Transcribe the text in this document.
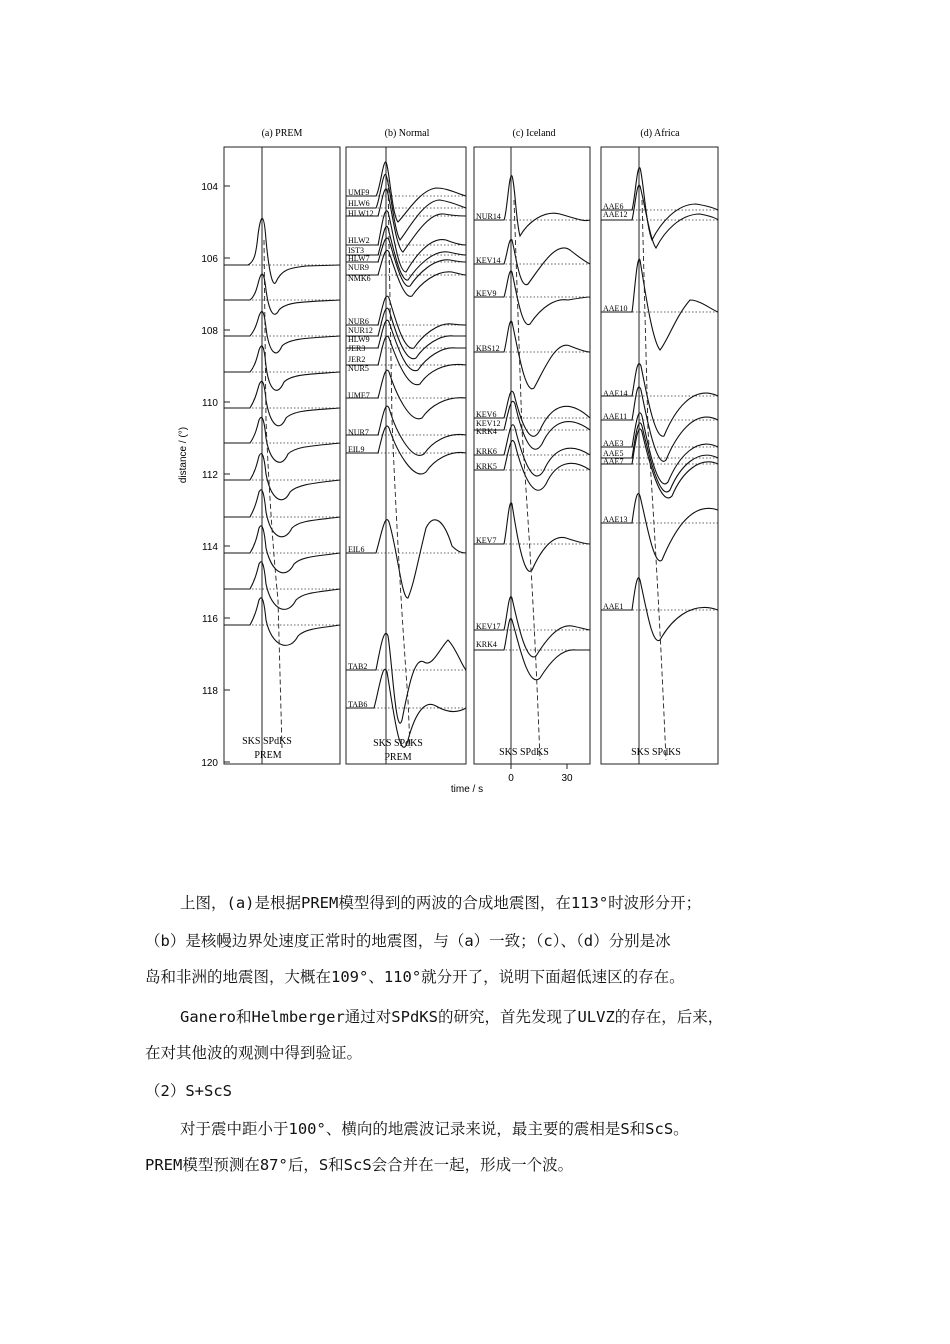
(a) PREM	(b) Normal	(c) Iceland	(d) Africa
104
106
108
110
112
114
116
118
120
distance / (°)
0	30
time / s
UMF9
HLW6
HLW12
HLW2
IST3
HLW7
NUR9
NMK6
NUR6
NUR12
HLW9
JER3
JER2
NUR5
UME7
NUR7
EIL9
EIL6
TAB2
TAB6
NUR14
KEV14
KEV9
KBS12
KEV6
KEV12
KRK4
KRK6
KRK5
KEV7
KEV17
KRK4
AAE6
AAE12
AAE10
AAE14
AAE11
AAE3
AAE5
AAE7
AAE13
AAE1
SKS SPdKS
PREM
SKS SPdKS
PREM	SKS SPdKS	SKS SPdKS
上图，(a)是根据PREM模型得到的两波的合成地震图，在113°时波形分开；
（b）是核幔边界处速度正常时的地震图，与（a）一致；（c）、（d）分别是冰
岛和非洲的地震图，大概在109°、110°就分开了，说明下面超低速区的存在。
Ganero和Helmberger通过对SPdKS的研究，首先发现了ULVZ的存在，后来，
在对其他波的观测中得到验证。
（2）S+ScS
对于震中距小于100°、横向的地震波记录来说，最主要的震相是S和ScS。
PREM模型预测在87°后，S和ScS会合并在一起，形成一个波。
